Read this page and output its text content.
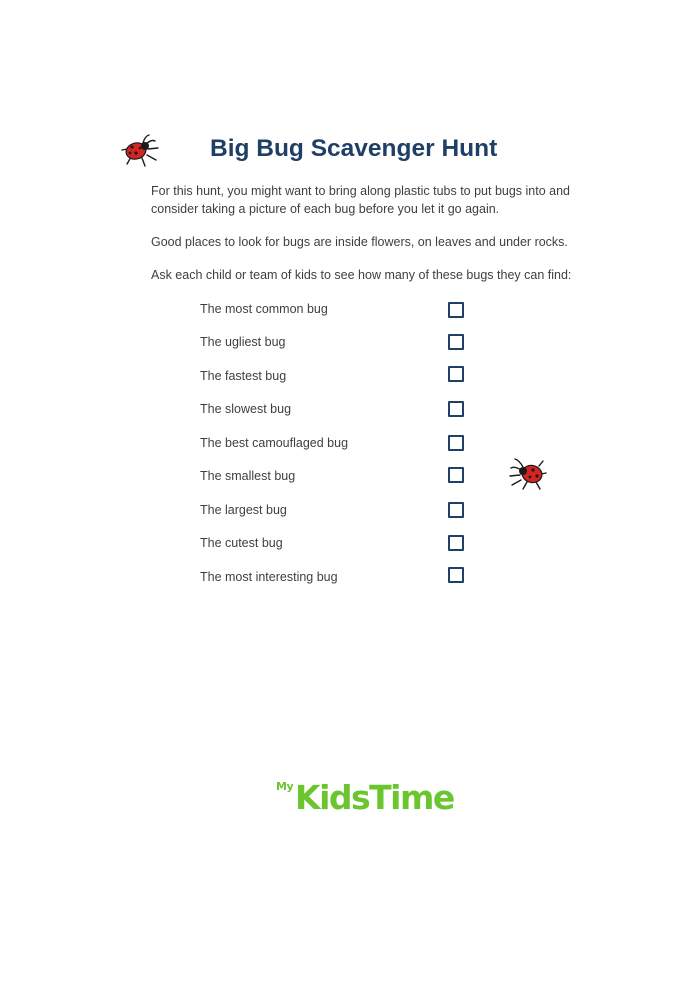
Big Bug Scavenger Hunt
For this hunt, you might want to bring along plastic tubs to put bugs into and consider taking a picture of each bug before you let it go again.
Good places to look for bugs are inside flowers, on leaves and under rocks.
Ask each child or team of kids to see how many of these bugs they can find:
The most common bug
The ugliest bug
The fastest bug
The slowest bug
The best camouflaged bug
The smallest bug
The largest bug
The cutest bug
The most interesting bug
My KidsTime
